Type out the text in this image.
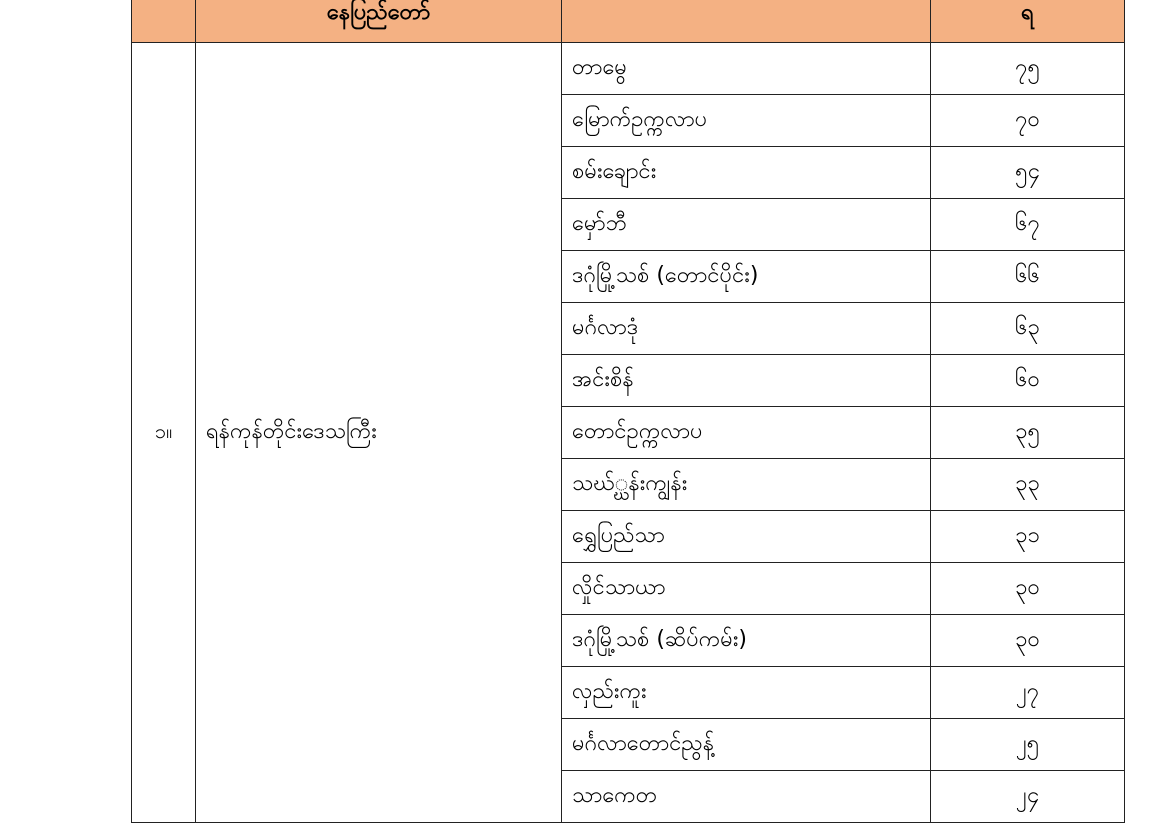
	နေပြည်တော်		ရ
၁။	ရန်ကုန်တိုင်းဒေသကြီး	တာမွေ	၇၅
		မြောက်ဥက္ကလာပ	၇၀
		စမ်းချောင်း	၅၄
		မှော်ဘီ	၆၇
		ဒဂုံမြို့သစ် (တောင်ပိုင်း)	၆၆
		မင်္ဂလာဒုံ	၆၃
		အင်းစိန်	၆၀
		တောင်ဥက္ကလာပ	၃၅
		သဃ်္ဃန်းကျွန်း	၃၃
		ရွှေပြည်သာ	၃၁
		လှိုင်သာယာ	၃၀
		ဒဂုံမြို့သစ် (ဆိပ်ကမ်း)	၃၀
		လှည်းကူး	၂၇
		မင်္ဂလာတောင်ညွန့်	၂၅
		သာကေတ	၂၄
